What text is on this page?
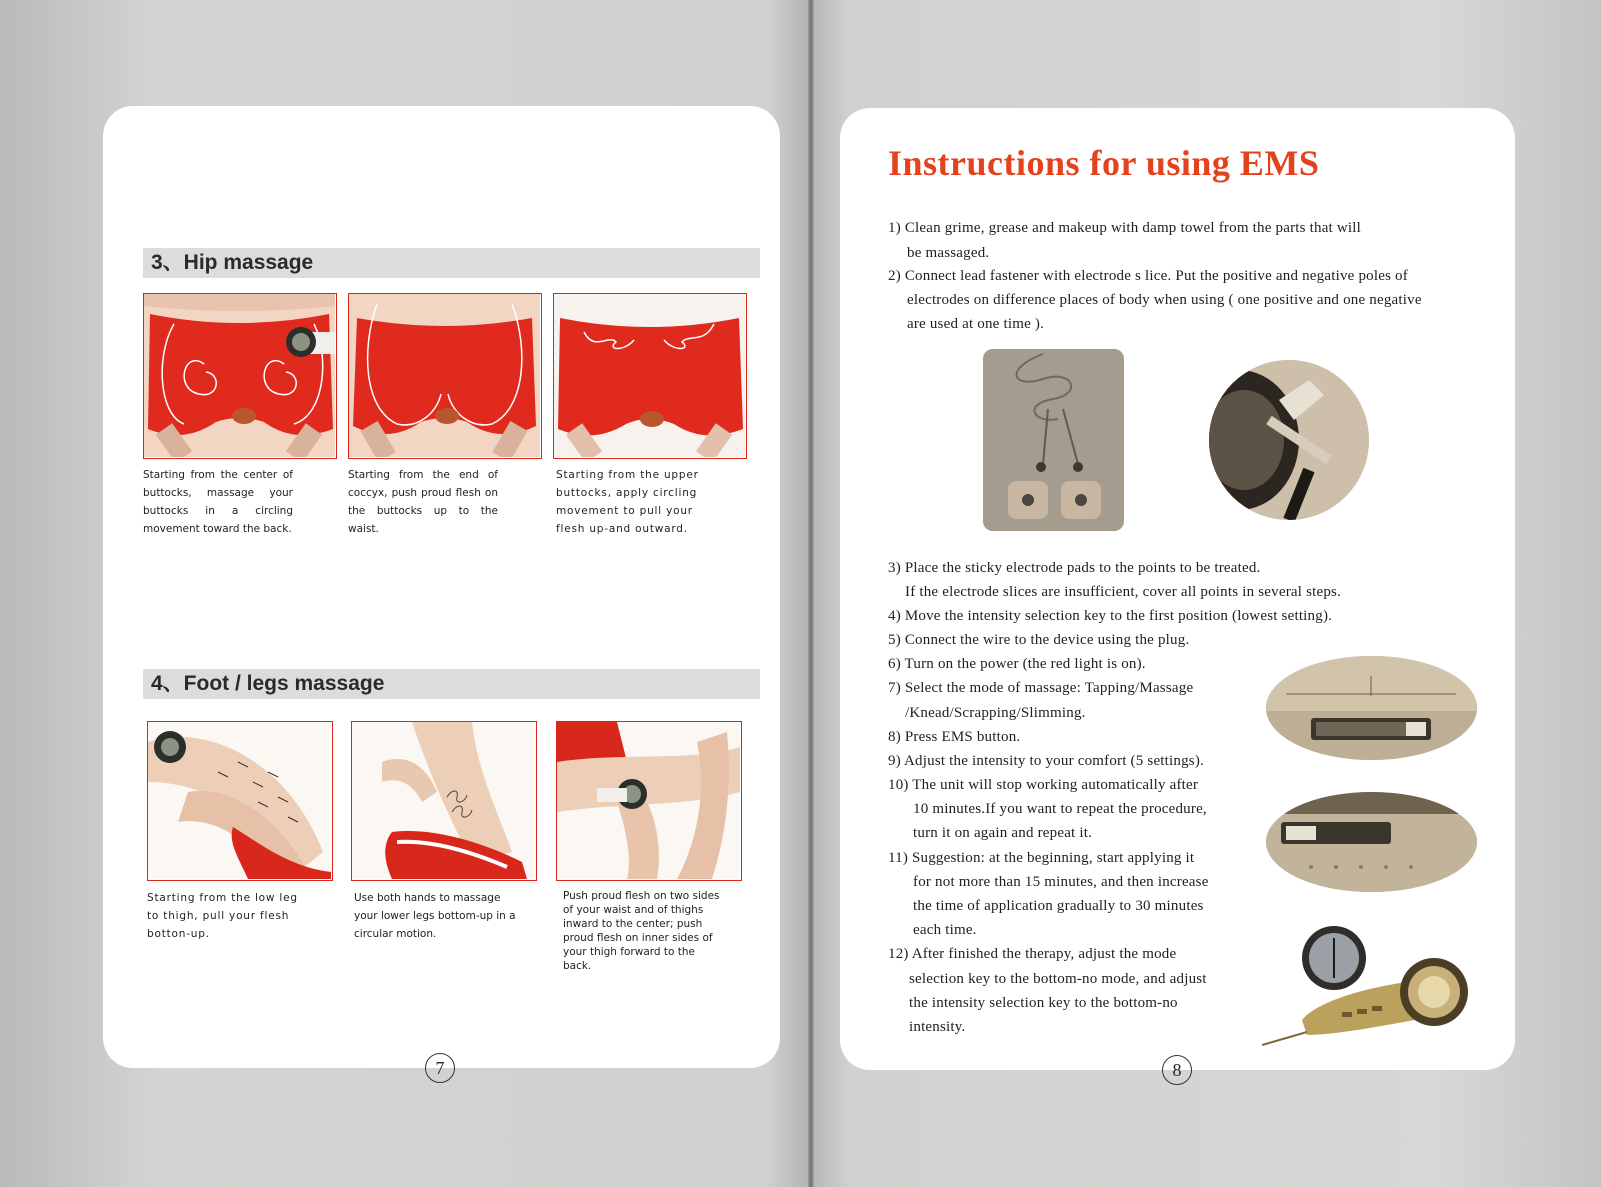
3、Hip massage
Starting from the center of buttocks, massage your buttocks in a circling movement toward the back.
Starting from the end of coccyx, push proud flesh on the buttocks up to the waist.
Starting from the upper buttocks, apply circling movement to pull your flesh up-and outward.
4、Foot / legs massage
Starting from the low leg to thigh, pull your flesh botton-up.
Use both hands to massage your lower legs bottom-up in a circular motion.
Push proud flesh on two sides of your waist and of thighs inward to the center; push proud flesh on inner sides of your thigh forward to the back.
7
Instructions for using EMS
1) Clean grime, grease and makeup with damp towel from the parts that will
be massaged.
2) Connect lead fastener with electrode s lice. Put the positive and negative poles of
electrodes on difference places of body when using ( one positive and one negative
are used at one time ).
3) Place the sticky electrode pads to the points to be treated.
If the electrode slices are insufficient, cover all points in several steps.
4) Move the intensity selection key to the first position (lowest setting).
5) Connect the wire to the device using the plug.
6) Turn on the power (the red light is on).
7) Select the mode of massage: Tapping/Massage
/Knead/Scrapping/Slimming.
8) Press EMS button.
9) Adjust the intensity to your comfort (5 settings).
10) The unit will stop working automatically after
10 minutes.If you want to repeat the procedure,
turn it on again and repeat it.
11) Suggestion: at the beginning, start applying it
for not more than 15 minutes, and then increase
the time of application gradually to 30 minutes
each time.
12) After finished the therapy, adjust the mode
selection key to the bottom-no mode, and adjust
the intensity selection key to the bottom-no
intensity.
8
